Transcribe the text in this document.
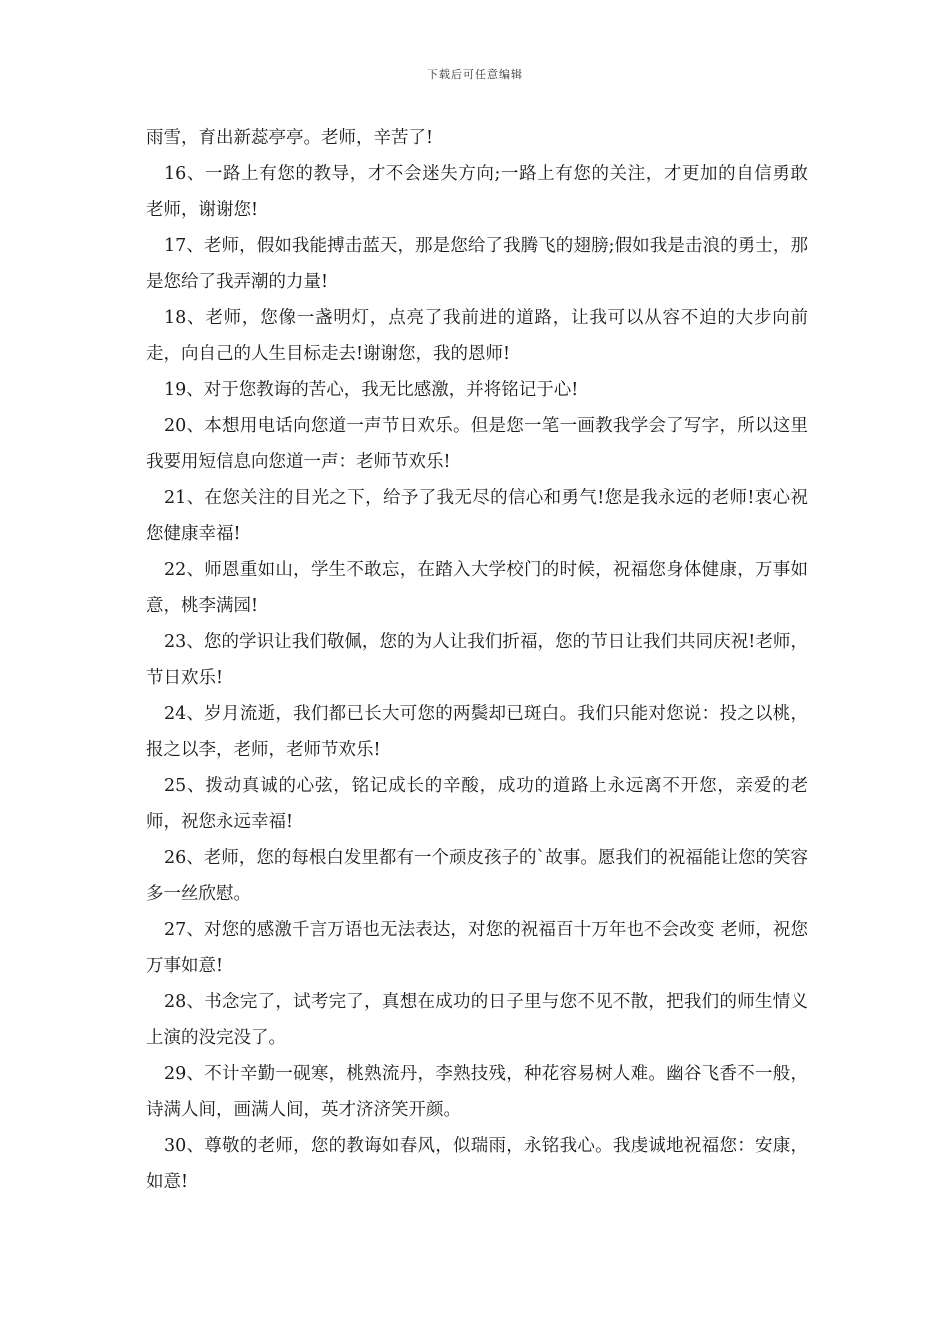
下载后可任意编辑

雨雪，育出新蕊亭亭。老师，辛苦了!

16、一路上有您的教导，才不会迷失方向;一路上有您的关注，才更加的自信勇敢 老师，谢谢您!

17、老师，假如我能搏击蓝天，那是您给了我腾飞的翅膀;假如我是击浪的勇士，那是您给了我弄潮的力量!

18、老师，您像一盏明灯，点亮了我前进的道路，让我可以从容不迫的大步向前走，向自己的人生目标走去!谢谢您，我的恩师!

19、对于您教诲的苦心，我无比感激，并将铭记于心!

20、本想用电话向您道一声节日欢乐。但是您一笔一画教我学会了写字，所以这里我要用短信息向您道一声：老师节欢乐!

21、在您关注的目光之下，给予了我无尽的信心和勇气!您是我永远的老师!衷心祝您健康幸福!

22、师恩重如山，学生不敢忘，在踏入大学校门的时候，祝福您身体健康，万事如意，桃李满园!

23、您的学识让我们敬佩，您的为人让我们折福，您的节日让我们共同庆祝!老师，节日欢乐!

24、岁月流逝，我们都已长大可您的两鬓却已斑白。我们只能对您说：投之以桃，报之以李，老师，老师节欢乐!

25、拨动真诚的心弦，铭记成长的辛酸，成功的道路上永远离不开您，亲爱的老师，祝您永远幸福!

26、老师，您的每根白发里都有一个顽皮孩子的`故事。愿我们的祝福能让您的笑容多一丝欣慰。

27、对您的感激千言万语也无法表达，对您的祝福百十万年也不会改变 老师，祝您万事如意!

28、书念完了，试考完了，真想在成功的日子里与您不见不散，把我们的师生情义上演的没完没了。

29、不计辛勤一砚寒，桃熟流丹，李熟技残，种花容易树人难。幽谷飞香不一般，诗满人间，画满人间，英才济济笑开颜。

30、尊敬的老师，您的教诲如春风，似瑞雨，永铭我心。我虔诚地祝福您：安康，如意!
